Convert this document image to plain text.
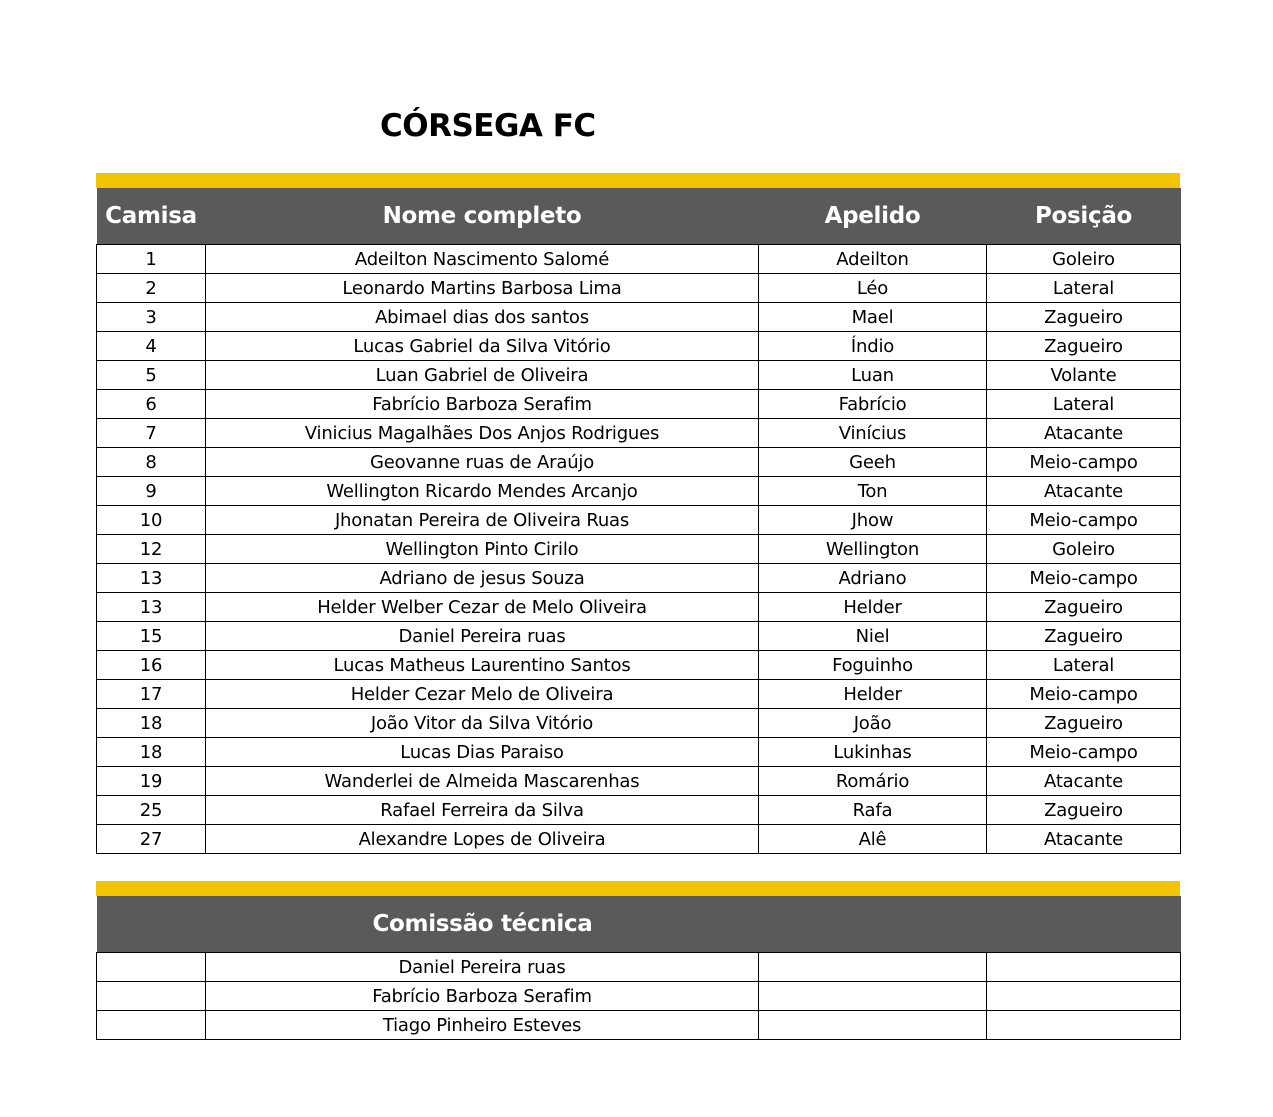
CÓRSEGA FC
Camisa	Nome completo	Apelido	Posição
1	Adeilton Nascimento Salomé	Adeilton	Goleiro
2	Leonardo Martins Barbosa Lima	Léo	Lateral
3	Abimael dias dos santos	Mael	Zagueiro
4	Lucas Gabriel da Silva Vitório	Índio	Zagueiro
5	Luan Gabriel de Oliveira	Luan	Volante
6	Fabrício Barboza Serafim	Fabrício	Lateral
7	Vinicius Magalhães Dos Anjos Rodrigues	Vinícius	Atacante
8	Geovanne ruas de Araújo	Geeh	Meio-campo
9	Wellington Ricardo Mendes Arcanjo	Ton	Atacante
10	Jhonatan Pereira de Oliveira Ruas	Jhow	Meio-campo
12	Wellington Pinto Cirilo	Wellington	Goleiro
13	Adriano de jesus Souza	Adriano	Meio-campo
13	Helder Welber Cezar de Melo Oliveira	Helder	Zagueiro
15	Daniel Pereira ruas	Niel	Zagueiro
16	Lucas Matheus Laurentino Santos	Foguinho	Lateral
17	Helder Cezar Melo de Oliveira	Helder	Meio-campo
18	João Vitor da Silva Vitório	João	Zagueiro
18	Lucas Dias Paraiso	Lukinhas	Meio-campo
19	Wanderlei de Almeida Mascarenhas	Romário	Atacante
25	Rafael Ferreira da Silva	Rafa	Zagueiro
27	Alexandre Lopes de Oliveira	Alê	Atacante
Comissão técnica			

	Daniel Pereira ruas		
	Fabrício Barboza Serafim		
	Tiago Pinheiro Esteves		
